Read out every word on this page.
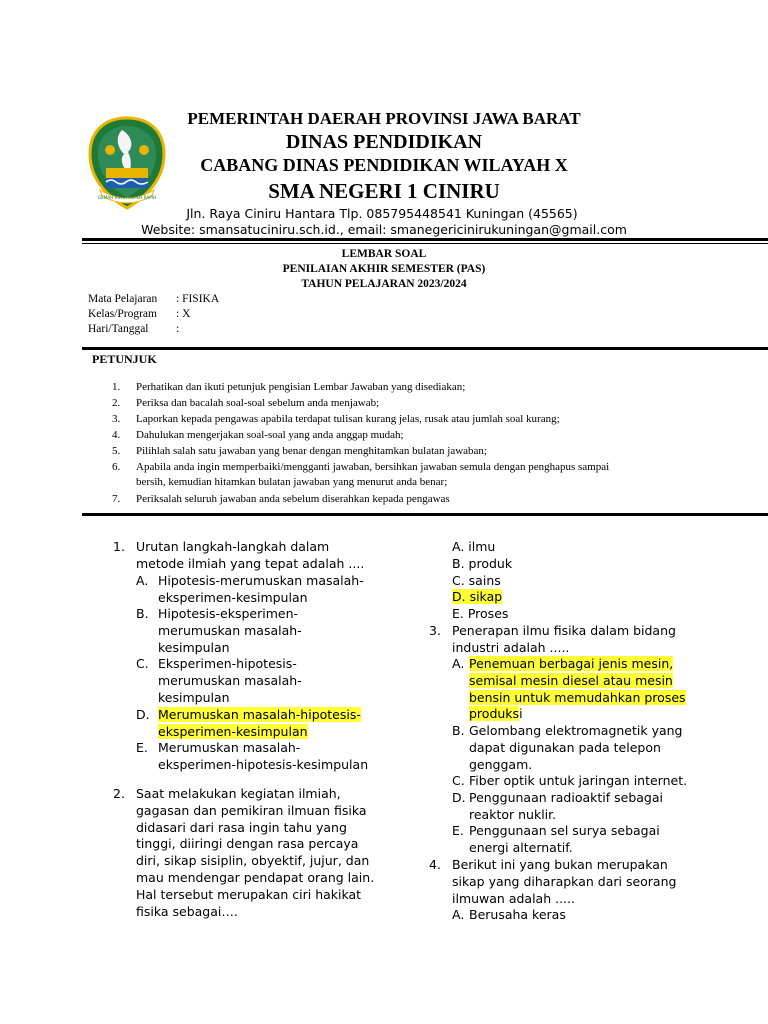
GEMAH RIPAH REPEH RAPIH
PEMERINTAH DAERAH PROVINSI JAWA BARAT
DINAS PENDIDIKAN
CABANG DINAS PENDIDIKAN WILAYAH X
SMA NEGERI 1 CINIRU
Jln. Raya Ciniru Hantara Tlp. 085795448541 Kuningan (45565)
Website: smansatuciniru.sch.id., email: smanegericinirukuningan@gmail.com
LEMBAR SOAL
PENILAIAN AKHIR SEMESTER (PAS)
TAHUN PELAJARAN 2023/2024
Mata Pelajaran : FISIKA
Kelas/Program : X
Hari/Tanggal :
PETUNJUK
1. Perhatikan dan ikuti petunjuk pengisian Lembar Jawaban yang disediakan;
2. Periksa dan bacalah soal-soal sebelum anda menjawab;
3. Laporkan kepada pengawas apabila terdapat tulisan kurang jelas, rusak atau jumlah soal kurang;
4. Dahulukan mengerjakan soal-soal yang anda anggap mudah;
5. Pilihlah salah satu jawaban yang benar dengan menghitamkan bulatan jawaban;
6. Apabila anda ingin memperbaiki/mengganti jawaban, bersihkan jawaban semula dengan penghapus sampai
bersih, kemudian hitamkan bulatan jawaban yang menurut anda benar;
7. Periksalah seluruh jawaban anda sebelum diserahkan kepada pengawas
1. Urutan langkah-langkah dalam
metode ilmiah yang tepat adalah ....
A. Hipotesis-merumuskan masalah-
eksperimen-kesimpulan
B. Hipotesis-eksperimen-
merumuskan masalah-
kesimpulan
C. Eksperimen-hipotesis-
merumuskan masalah-
kesimpulan
D. Merumuskan masalah-hipotesis-
eksperimen-kesimpulan
E. Merumuskan masalah-
eksperimen-hipotesis-kesimpulan
2. Saat melakukan kegiatan ilmiah,
gagasan dan pemikiran ilmuan fisika
didasari dari rasa ingin tahu yang
tinggi, diiringi dengan rasa percaya
diri, sikap sisiplin, obyektif, jujur, dan
mau mendengar pendapat orang lain.
Hal tersebut merupakan ciri hakikat
fisika sebagai….
A. ilmu
B. produk
C. sains
D. sikap
E. Proses
3. Penerapan ilmu fisika dalam bidang
industri adalah .....
A. Penemuan berbagai jenis mesin,
semisal mesin diesel atau mesin
bensin untuk memudahkan proses
produksi
B. Gelombang elektromagnetik yang
dapat digunakan pada telepon
genggam.
C. Fiber optik untuk jaringan internet.
D. Penggunaan radioaktif sebagai
reaktor nuklir.
E. Penggunaan sel surya sebagai
energi alternatif.
4. Berikut ini yang bukan merupakan
sikap yang diharapkan dari seorang
ilmuwan adalah .....
A. Berusaha keras
